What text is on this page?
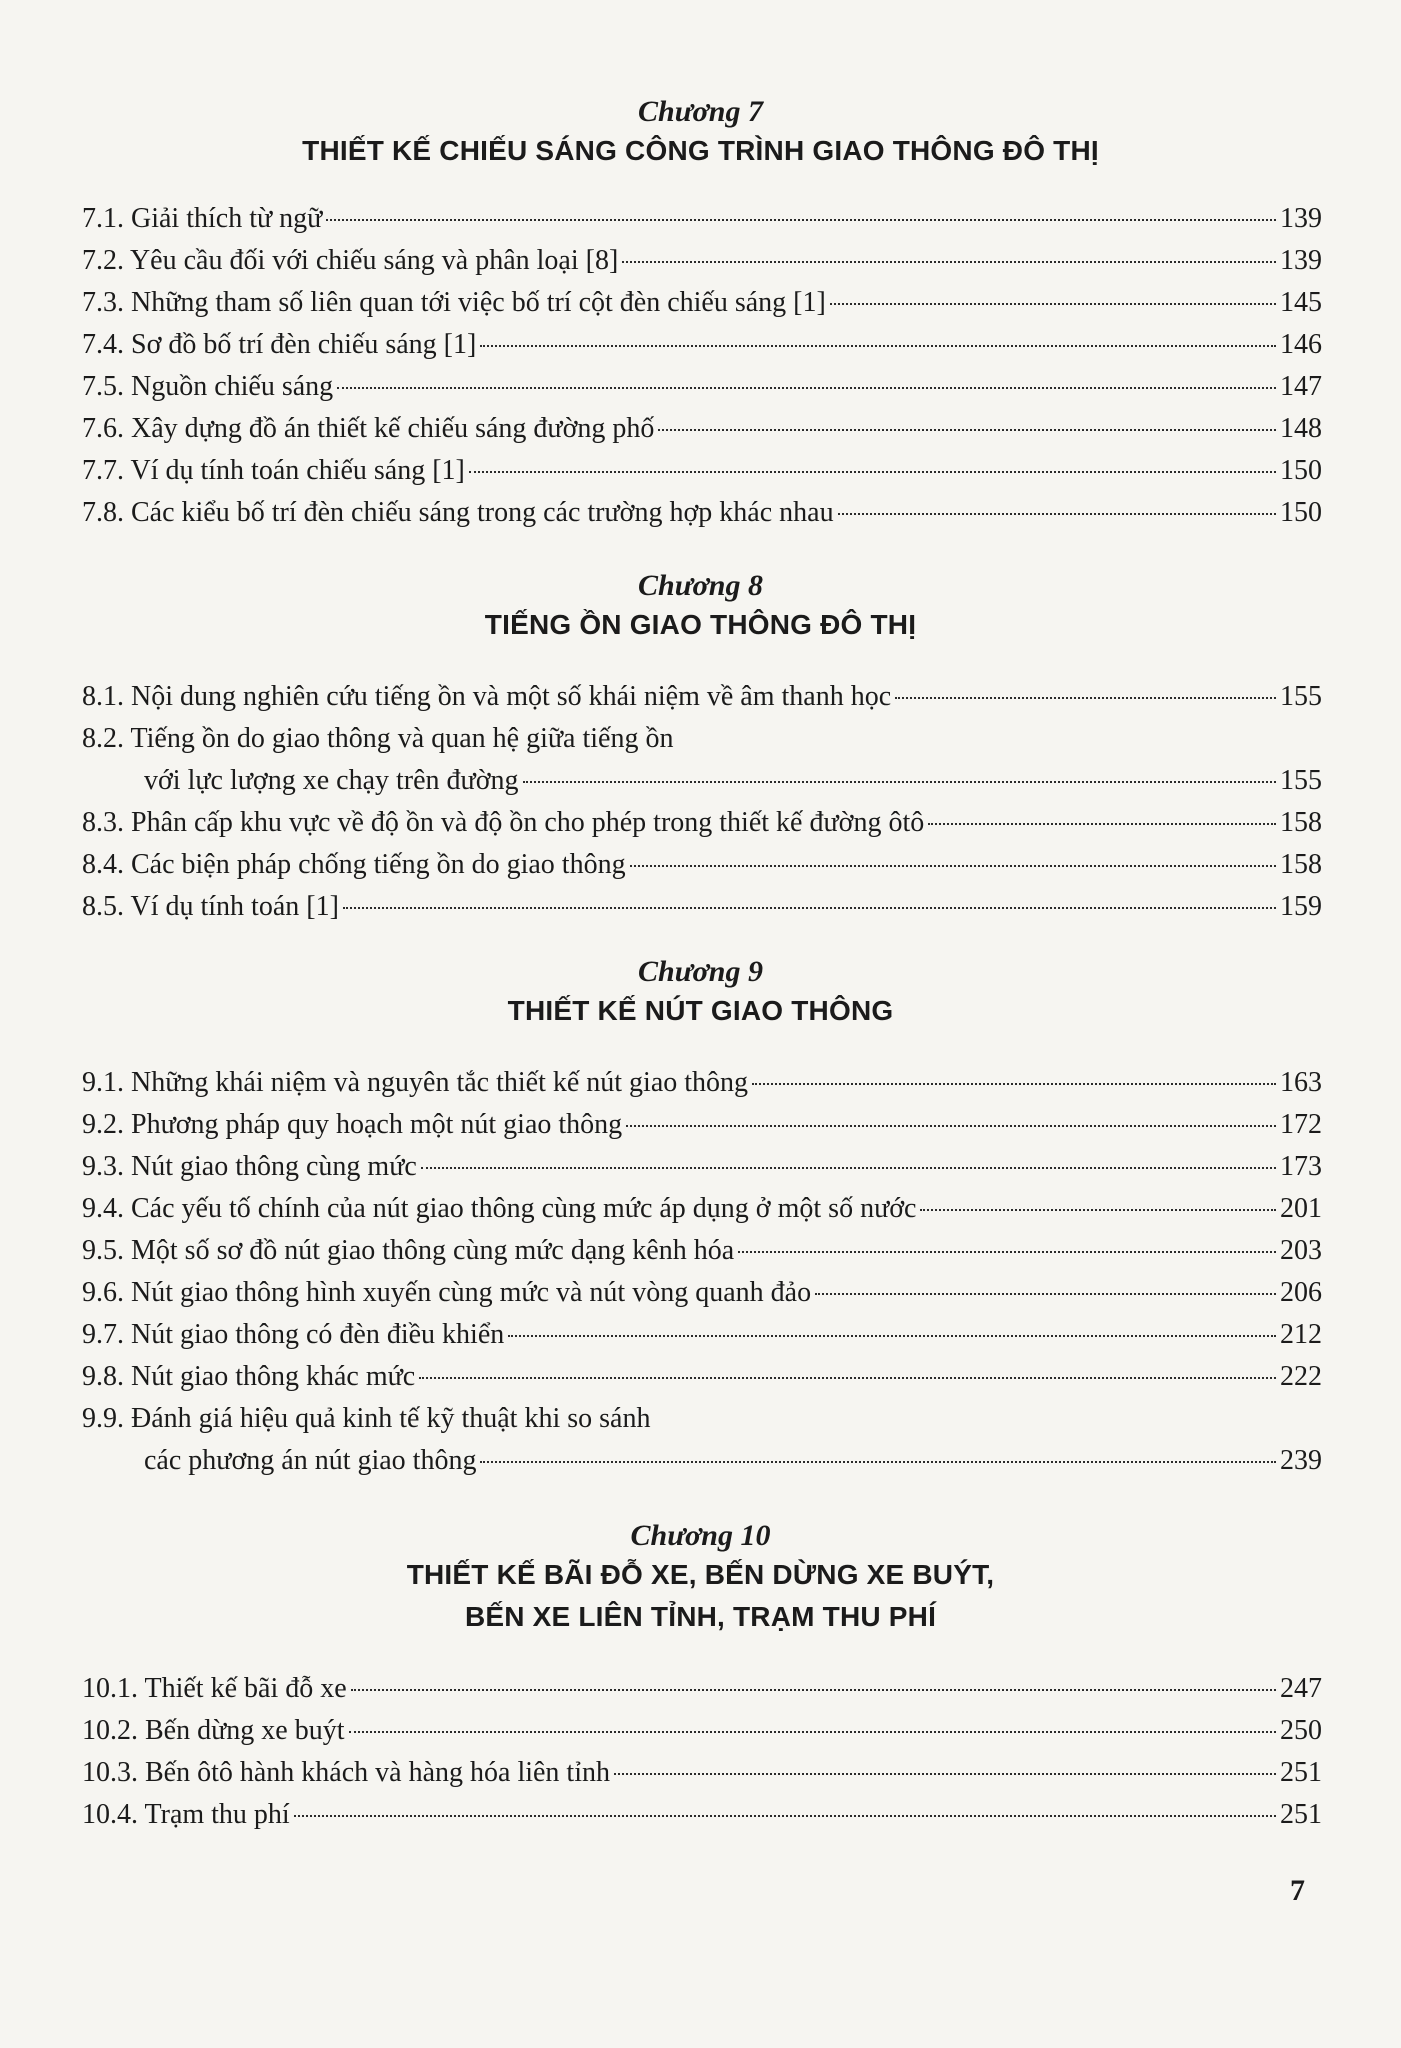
Chương 7
THIẾT KẾ CHIẾU SÁNG CÔNG TRÌNH GIAO THÔNG ĐÔ THỊ
7.1. Giải thích từ ngữ	139
7.2. Yêu cầu đối với chiếu sáng và phân loại [8]	139
7.3. Những tham số liên quan tới việc bố trí cột đèn chiếu sáng [1]	145
7.4. Sơ đồ bố trí đèn chiếu sáng [1]	146
7.5. Nguồn chiếu sáng	147
7.6. Xây dựng đồ án thiết kế chiếu sáng đường phố	148
7.7. Ví dụ tính toán chiếu sáng [1]	150
7.8. Các kiểu bố trí đèn chiếu sáng trong các trường hợp khác nhau	150
Chương 8
TIẾNG ỒN GIAO THÔNG ĐÔ THỊ
8.1. Nội dung nghiên cứu tiếng ồn và một số khái niệm về âm thanh học	155
8.2. Tiếng ồn do giao thông và quan hệ giữa tiếng ồn
với lực lượng xe chạy trên đường	155
8.3. Phân cấp khu vực về độ ồn và độ ồn cho phép trong thiết kế đường ôtô	158
8.4. Các biện pháp chống tiếng ồn do giao thông	158
8.5. Ví dụ tính toán [1]	159
Chương 9
THIẾT KẾ NÚT GIAO THÔNG
9.1. Những khái niệm và nguyên tắc thiết kế nút giao thông	163
9.2. Phương pháp quy hoạch một nút giao thông	172
9.3. Nút giao thông cùng mức	173
9.4. Các yếu tố chính của nút giao thông cùng mức áp dụng ở một số nước	201
9.5. Một số sơ đồ nút giao thông cùng mức dạng kênh hóa	203
9.6. Nút giao thông hình xuyến cùng mức và nút vòng quanh đảo	206
9.7. Nút giao thông có đèn điều khiển	212
9.8. Nút giao thông khác mức	222
9.9. Đánh giá hiệu quả kinh tế kỹ thuật khi so sánh
các phương án nút giao thông	239
Chương 10
THIẾT KẾ BÃI ĐỖ XE, BẾN DỪNG XE BUÝT,
BẾN XE LIÊN TỈNH, TRẠM THU PHÍ
10.1. Thiết kế bãi đỗ xe	247
10.2. Bến dừng xe buýt	250
10.3. Bến ôtô hành khách và hàng hóa liên tỉnh	251
10.4. Trạm thu phí	251
7
